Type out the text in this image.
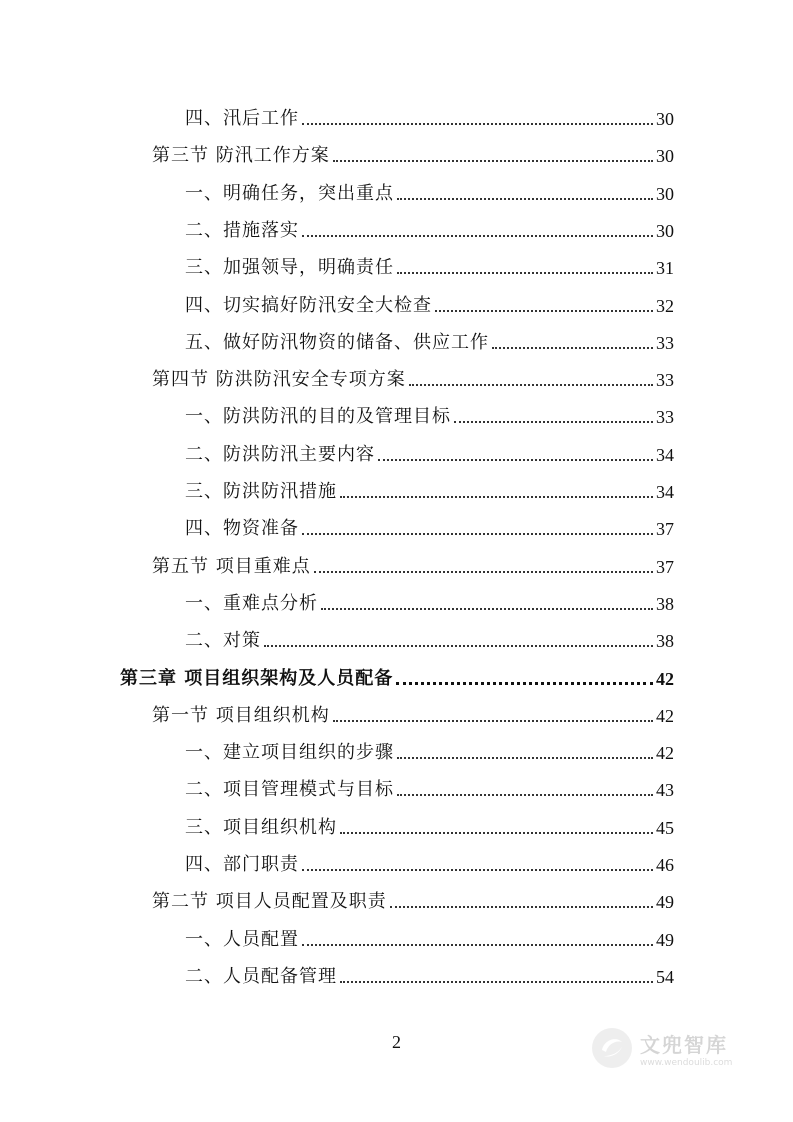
四、汛后工作	30
第三节 防汛工作方案	30
一、明确任务，突出重点	30
二、措施落实	30
三、加强领导，明确责任	31
四、切实搞好防汛安全大检查	32
五、做好防汛物资的储备、供应工作	33
第四节 防洪防汛安全专项方案	33
一、防洪防汛的目的及管理目标	33
二、防洪防汛主要内容	34
三、防洪防汛措施	34
四、物资准备	37
第五节 项目重难点	37
一、重难点分析	38
二、对策	38
第三章 项目组织架构及人员配备	42
第一节 项目组织机构	42
一、建立项目组织的步骤	42
二、项目管理模式与目标	43
三、项目组织机构	45
四、部门职责	46
第二节 项目人员配置及职责	49
一、人员配置	49
二、人员配备管理	54
2	文兜智库
www.wendoulib.com
